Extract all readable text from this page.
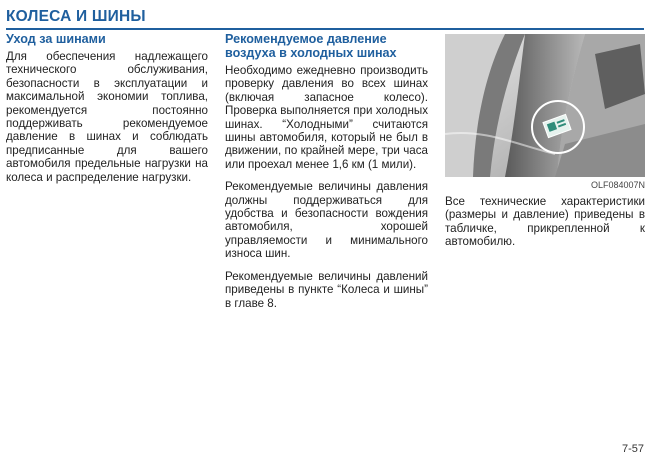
КОЛЕСА И ШИНЫ
Уход за шинами

Для обеспечения надлежащего технического обслуживания, безопасности в эксплуатации и максимальной экономии топлива, рекомендуется постоянно поддерживать рекомендуемое давление в шинах и соблюдать предписанные для вашего автомобиля предельные нагрузки на колеса и распределение нагрузки.

Рекомендуемое давление воздуха в холодных шинах

Необходимо ежедневно производить проверку давления во всех шинах (включая запасное колесо). Проверка выполняется при холодных шинах. “Холодными” считаются шины автомобиля, который не был в движении, по крайней мере, три часа или проехал менее 1,6 км (1 мили).

Рекомендуемые величины давления должны поддерживаться для удобства и безопасности вождения автомобиля, хорошей управляемости и минимального износа шин.

Рекомендуемые величины давлений приведены в пункте “Колеса и шины” в главе 8.

OLF084007N
Все технические характеристики (размеры и давление) приведены в табличке, прикрепленной к автомобилю.
7-57
